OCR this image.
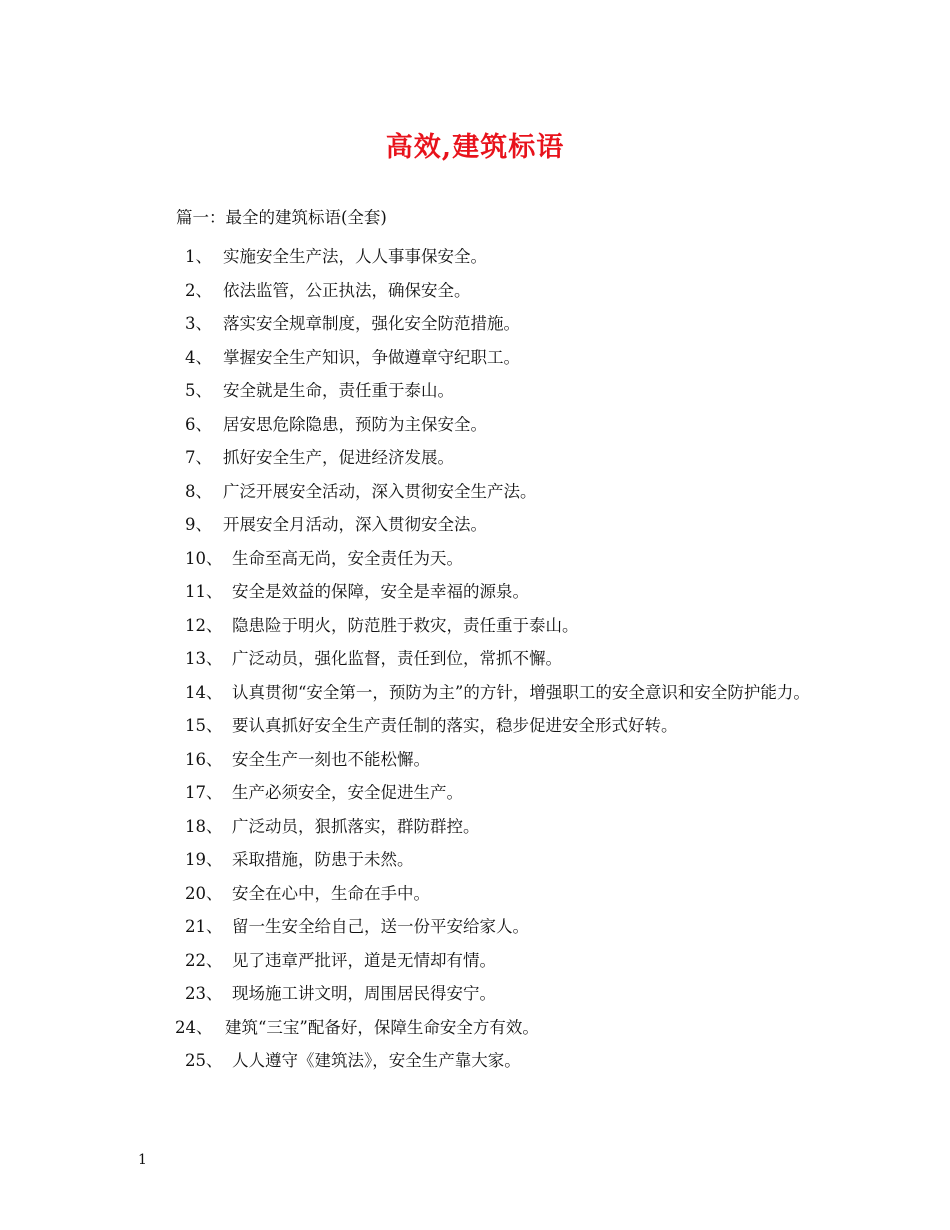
高效,建筑标语

篇一：最全的建筑标语(全套)

1、 实施安全生产法，人人事事保安全。
2、 依法监管，公正执法，确保安全。
3、 落实安全规章制度，强化安全防范措施。
4、 掌握安全生产知识，争做遵章守纪职工。
5、 安全就是生命，责任重于泰山。
6、 居安思危除隐患，预防为主保安全。
7、 抓好安全生产，促进经济发展。
8、 广泛开展安全活动，深入贯彻安全生产法。
9、 开展安全月活动，深入贯彻安全法。
10、 生命至高无尚，安全责任为天。
11、 安全是效益的保障，安全是幸福的源泉。
12、 隐患险于明火，防范胜于救灾，责任重于泰山。
13、 广泛动员，强化监督，责任到位，常抓不懈。
14、 认真贯彻“安全第一，预防为主”的方针，增强职工的安全意识和安全防护能力。
15、 要认真抓好安全生产责任制的落实，稳步促进安全形式好转。
16、 安全生产一刻也不能松懈。
17、 生产必须安全，安全促进生产。
18、 广泛动员，狠抓落实，群防群控。
19、 采取措施，防患于未然。
20、 安全在心中，生命在手中。
21、 留一生安全给自己，送一份平安给家人。
22、 见了违章严批评，道是无情却有情。
23、 现场施工讲文明，周围居民得安宁。
24、 建筑“三宝”配备好，保障生命安全方有效。
25、 人人遵守《建筑法》，安全生产靠大家。
1
